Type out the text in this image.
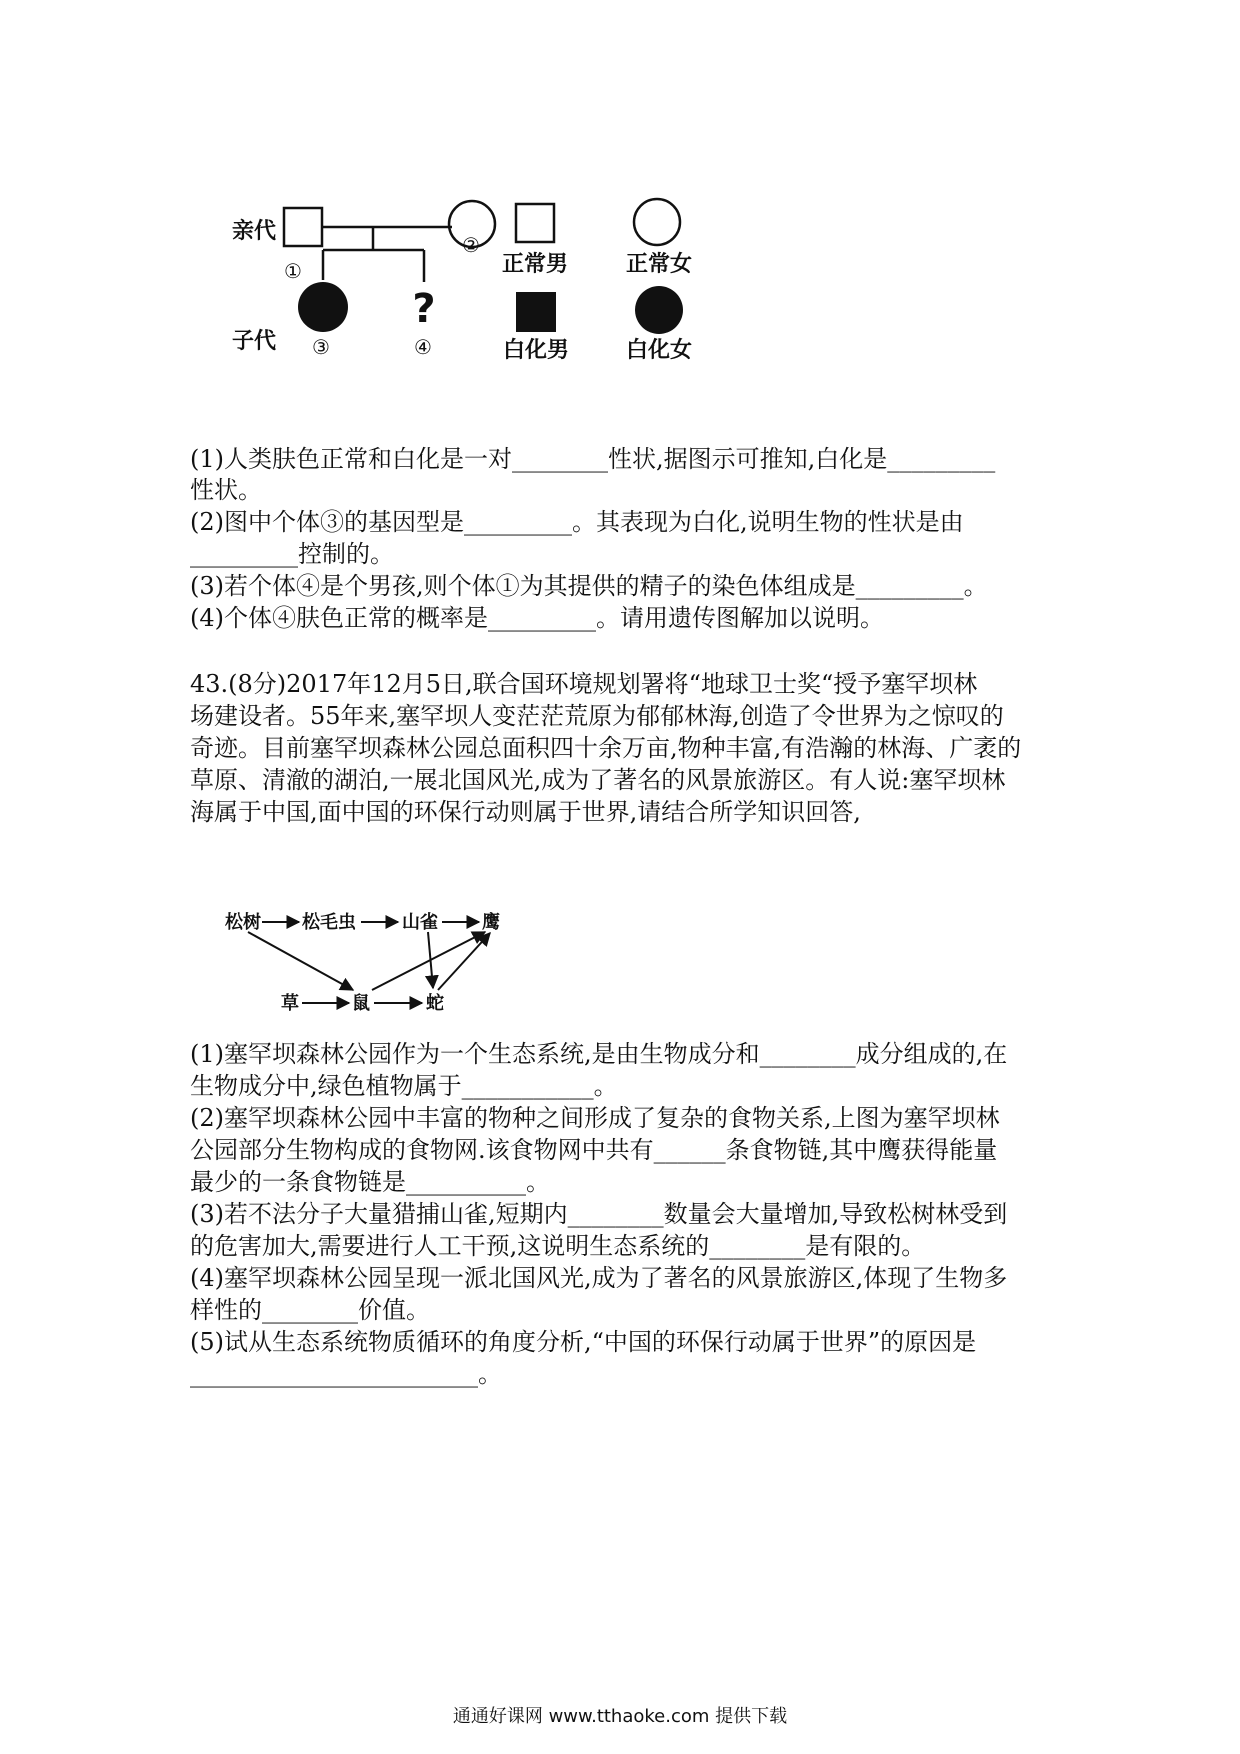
亲代
子代
①
②
?
③	④
正常男	正常女
白化男	白化女
(1)人类肤色正常和白化是一对________性状,据图示可推知,白化是_________
性状。
(2)图中个体③的基因型是_________。其表现为白化,说明生物的性状是由
_________控制的。
(3)若个体④是个男孩,则个体①为其提供的精子的染色体组成是_________。
(4)个体④肤色正常的概率是_________。请用遗传图解加以说明。
43.(8分)2017年12月5日,联合国环境规划署将“地球卫士奖“授予塞罕坝林
场建设者。55年来,塞罕坝人变茫茫荒原为郁郁林海,创造了令世界为之惊叹的
奇迹。目前塞罕坝森林公园总面积四十余万亩,物种丰富,有浩瀚的林海、广袤的
草原、清澈的湖泊,一展北国风光,成为了著名的风景旅游区。有人说:塞罕坝林
海属于中国,面中国的环保行动则属于世界,请结合所学知识回答,
松树 松毛虫	山雀 鹰
草	鼠	蛇
(1)塞罕坝森林公园作为一个生态系统,是由生物成分和________成分组成的,在
生物成分中,绿色植物属于___________。
(2)塞罕坝森林公园中丰富的物种之间形成了复杂的食物关系,上图为塞罕坝林
公园部分生物构成的食物网.该食物网中共有______条食物链,其中鹰获得能量
最少的一条食物链是__________。
(3)若不法分子大量猎捕山雀,短期内________数量会大量增加,导致松树林受到
的危害加大,需要进行人工干预,这说明生态系统的________是有限的。
(4)塞罕坝森林公园呈现一派北国风光,成为了著名的风景旅游区,体现了生物多
样性的________价值。
(5)试从生态系统物质循环的角度分析,“中国的环保行动属于世界”的原因是
________________________。
通通好课网 www.tthaoke.com 提供下载
